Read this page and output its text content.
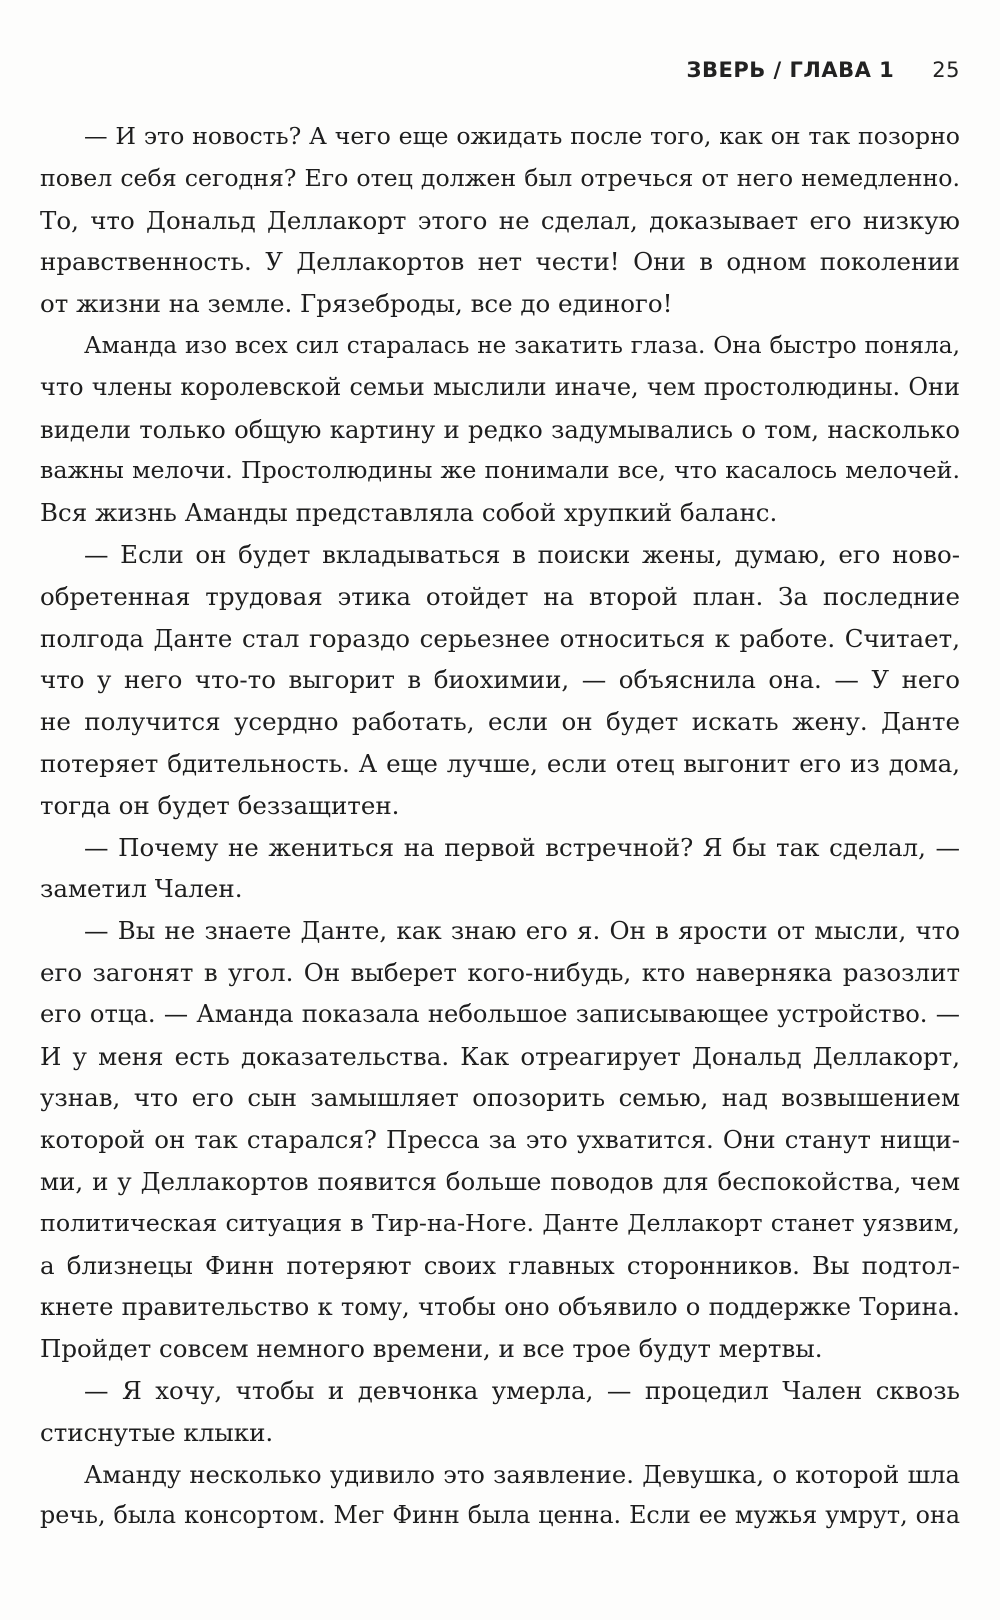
ЗВЕРЬ / ГЛАВА 1 25
— И это новость? А чего еще ожидать после того, как он так позорно
повел себя сегодня? Его отец должен был отречься от него немедленно.
То, что Дональд Деллакорт этого не сделал, доказывает его низкую
нравственность. У Деллакортов нет чести! Они в одном поколении
от жизни на земле. Грязеброды, все до единого!
Аманда изо всех сил старалась не закатить глаза. Она быстро поняла,
что члены королевской семьи мыслили иначе, чем простолюдины. Они
видели только общую картину и редко задумывались о том, насколько
важны мелочи. Простолюдины же понимали все, что касалось мелочей.
Вся жизнь Аманды представляла собой хрупкий баланс.
— Если он будет вкладываться в поиски жены, думаю, его ново-
обретенная трудовая этика отойдет на второй план. За последние
полгода Данте стал гораздо серьезнее относиться к работе. Считает,
что у него что-то выгорит в биохимии, — объяснила она. — У него
не получится усердно работать, если он будет искать жену. Данте
потеряет бдительность. А еще лучше, если отец выгонит его из дома,
тогда он будет беззащитен.
— Почему не жениться на первой встречной? Я бы так сделал, —
заметил Чален.
— Вы не знаете Данте, как знаю его я. Он в ярости от мысли, что
его загонят в угол. Он выберет кого-нибудь, кто наверняка разозлит
его отца. — Аманда показала небольшое записывающее устройство. —
И у меня есть доказательства. Как отреагирует Дональд Деллакорт,
узнав, что его сын замышляет опозорить семью, над возвышением
которой он так старался? Пресса за это ухватится. Они станут нищи-
ми, и у Деллакортов появится больше поводов для беспокойства, чем
политическая ситуация в Тир-на-Ноге. Данте Деллакорт станет уязвим,
а близнецы Финн потеряют своих главных сторонников. Вы подтол-
кнете правительство к тому, чтобы оно объявило о поддержке Торина.
Пройдет совсем немного времени, и все трое будут мертвы.
— Я хочу, чтобы и девчонка умерла, — процедил Чален сквозь
стиснутые клыки.
Аманду несколько удивило это заявление. Девушка, о которой шла
речь, была консортом. Мег Финн была ценна. Если ее мужья умрут, она
